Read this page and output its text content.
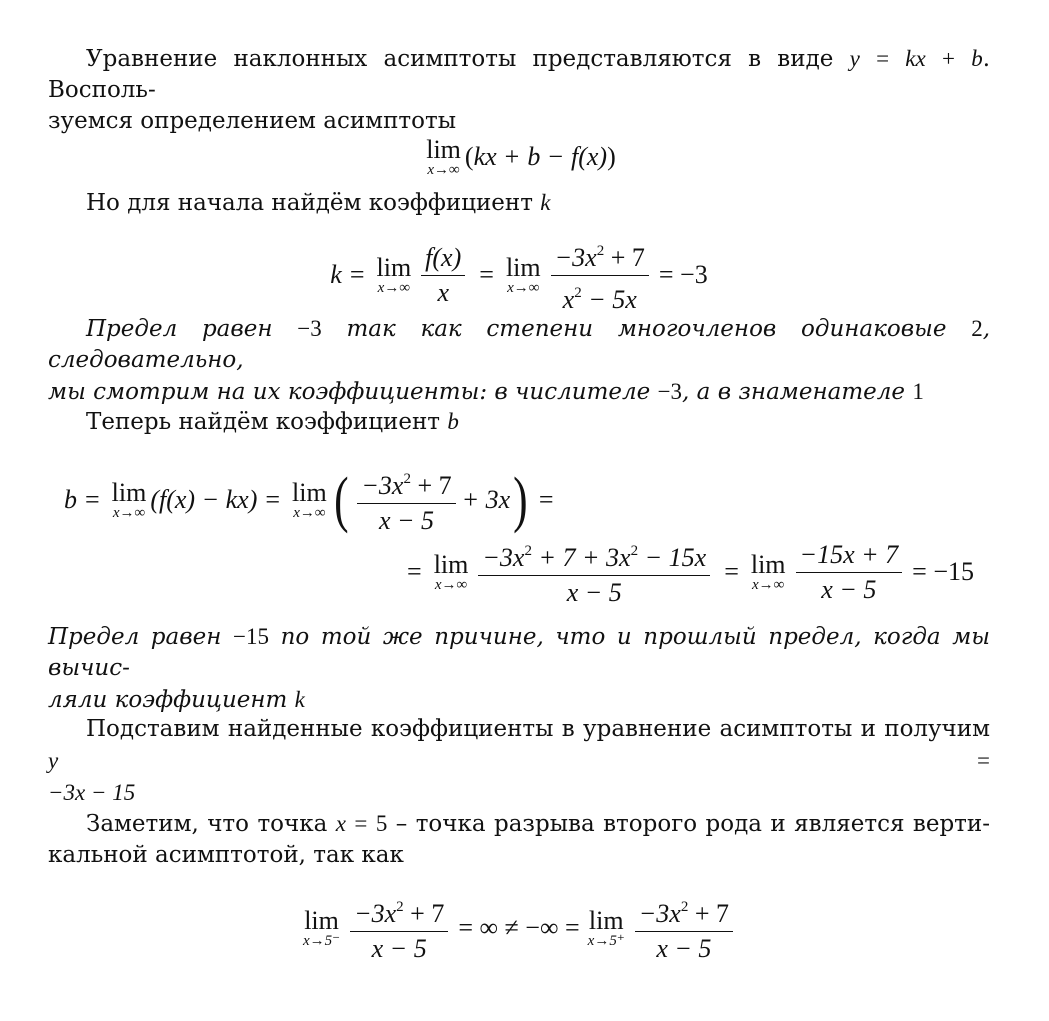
Уравнение наклонных асимптоты представляются в виде y = kx + b. Восполь-
зуемся определением асимптоты
lim
x→∞ ( kx + b − f (x) )
Но для начала найдём коэффициент k
k = lim
$x\to\infty \frac{f(x)}{x} = \lim$
$x\to\infty \frac{-3x^2 + 7}{x^2 - 5x} = -3$
Предел равен −3 так как степени многочленов одинаковые 2, следовательно,
мы смотрим на их коэффициенты: в числителе −3, а в знаменателе 1
Теперь найдём коэффициент b
b = lim
x→∞ (f(x) − kx) = lim
x→∞ ( $\frac{-3x^2 + 7}{x - 5} + 3x$ ) =
= lim
$x\to\infty \frac{-3x^2 + 7 + 3x^2 - 15x}{x - 5} = \lim$
$x\to\infty \frac{-15x + 7}{x - 5} = -15$
Предел равен −15 по той же причине, что и прошлый предел, когда мы вычис-
ляли коэффициент k
Подставим найденные коэффициенты в уравнение асимптоты и получим y	=
−3x − 15
Заметим, что точка x = 5 – точка разрыва второго рода и является верти-
кальной асимптотой, так как
lim
$x\to 5^- \frac{-3x^2 + 7}{x - 5}$ = ∞ ≠ −∞ = lim
$x\to 5^+ \frac{-3x^2 + 7}{x - 5}$
